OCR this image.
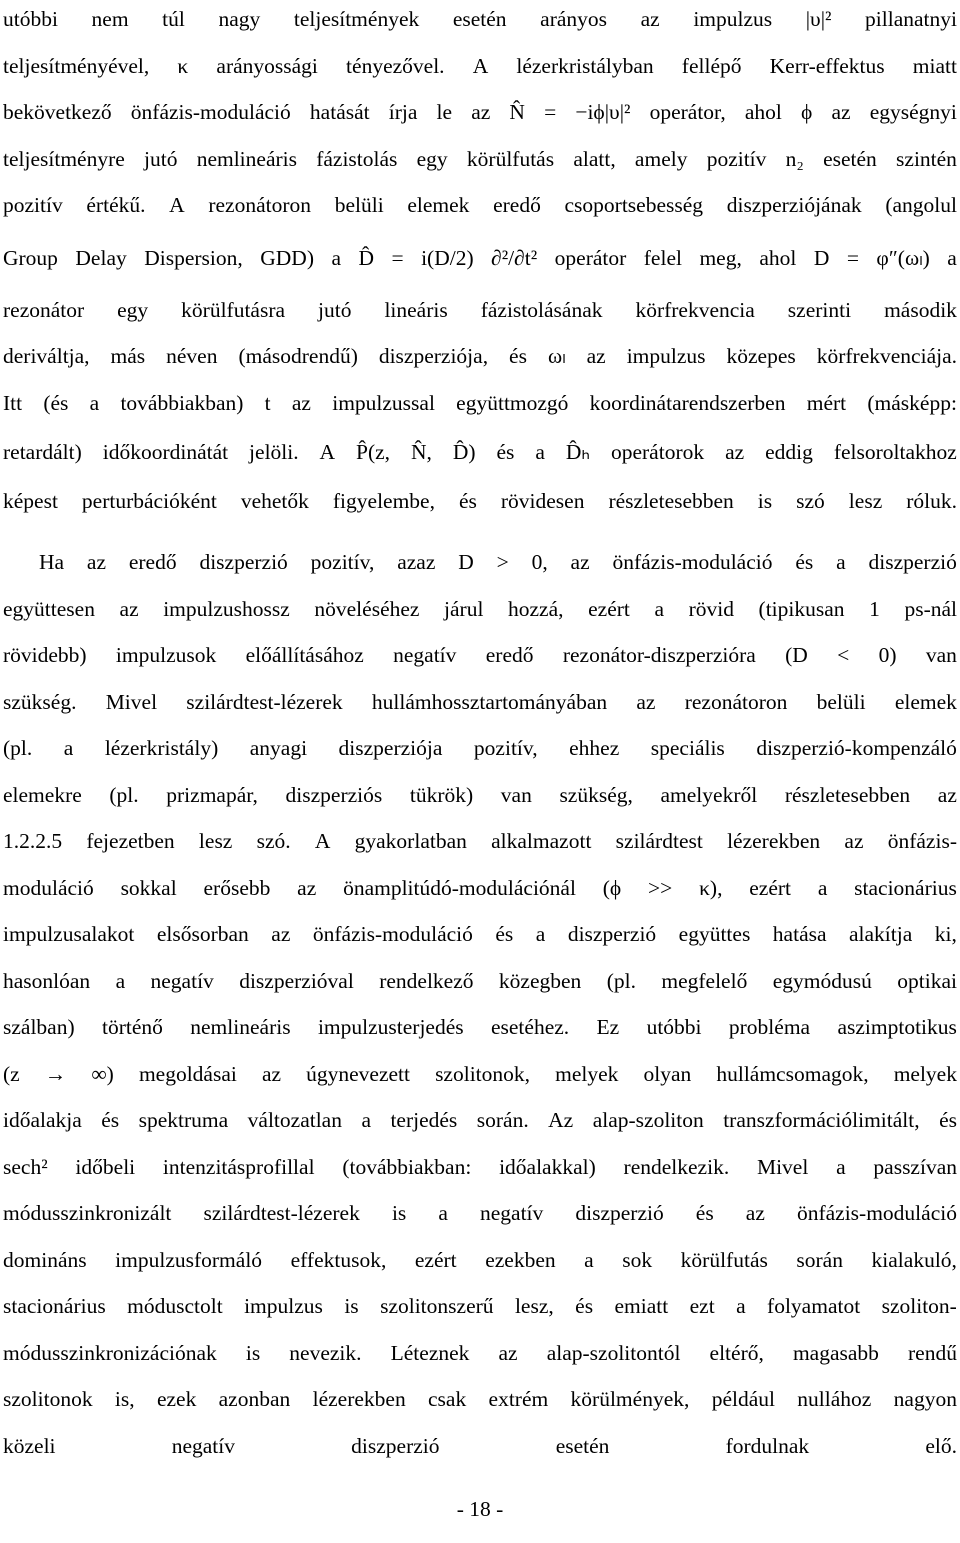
utóbbi nem túl nagy teljesítmények esetén arányos az impulzus |υ|² pillanatnyi
teljesítményével, κ arányossági tényezővel. A lézerkristályban fellépő Kerr-effektus miatt
bekövetkező önfázis-moduláció hatását írja le az N̂ = −iϕ|υ|² operátor, ahol ϕ az egységnyi
teljesítményre jutó nemlineáris fázistolás egy körülfutás alatt, amely pozitív n₂ esetén szintén
pozitív értékű. A rezonátoron belüli elemek eredő csoportsebesség diszperziójának (angolul
Group Delay Dispersion, GDD) a D̂ = i(D/2) ∂²/∂t² operátor felel meg, ahol D = φ″(ωₗ) a
rezonátor egy körülfutásra jutó lineáris fázistolásának körfrekvencia szerinti második
deriváltja, más néven (másodrendű) diszperziója, és ωₗ az impulzus közepes körfrekvenciája.
Itt (és a továbbiakban) t az impulzussal együttmozgó koordinátarendszerben mért (másképp:
retardált) időkoordinátát jelöli. A P̂(z, N̂, D̂) és a D̂ₕ operátorok az eddig felsoroltakhoz
képest perturbációként vehetők figyelembe, és rövidesen részletesebben is szó lesz róluk.
Ha az eredő diszperzió pozitív, azaz D > 0, az önfázis-moduláció és a diszperzió
együttesen az impulzushossz növeléséhez járul hozzá, ezért a rövid (tipikusan 1 ps-nál
rövidebb) impulzusok előállításához negatív eredő rezonátor-diszperzióra (D < 0) van
szükség. Mivel szilárdtest-lézerek hullámhossztartományában az rezonátoron belüli elemek
(pl. a lézerkristály) anyagi diszperziója pozitív, ehhez speciális diszperzió-kompenzáló
elemekre (pl. prizmapár, diszperziós tükrök) van szükség, amelyekről részletesebben az
1.2.2.5 fejezetben lesz szó. A gyakorlatban alkalmazott szilárdtest lézerekben az önfázis-
moduláció sokkal erősebb az önamplitúdó-modulációnál (ϕ >> κ), ezért a stacionárius
impulzusalakot elsősorban az önfázis-moduláció és a diszperzió együttes hatása alakítja ki,
hasonlóan a negatív diszperzióval rendelkező közegben (pl. megfelelő egymódusú optikai
szálban) történő nemlineáris impulzusterjedés esetéhez. Ez utóbbi probléma aszimptotikus
(z → ∞) megoldásai az úgynevezett szolitonok, melyek olyan hullámcsomagok, melyek
időalakja és spektruma változatlan a terjedés során. Az alap-szoliton transzformációlimitált, és
sech² időbeli intenzitásprofillal (továbbiakban: időalakkal) rendelkezik. Mivel a passzívan
módusszinkronizált szilárdtest-lézerek is a negatív diszperzió és az önfázis-moduláció
domináns impulzusformáló effektusok, ezért ezekben a sok körülfutás során kialakuló,
stacionárius módusctolt impulzus is szolitonszerű lesz, és emiatt ezt a folyamatot szoliton-
módusszinkronizációnak is nevezik. Léteznek az alap-szolitontól eltérő, magasabb rendű
szolitonok is, ezek azonban lézerekben csak extrém körülmények, például nullához nagyon
közeli negatív diszperzió esetén fordulnak elő.
- 18 -
